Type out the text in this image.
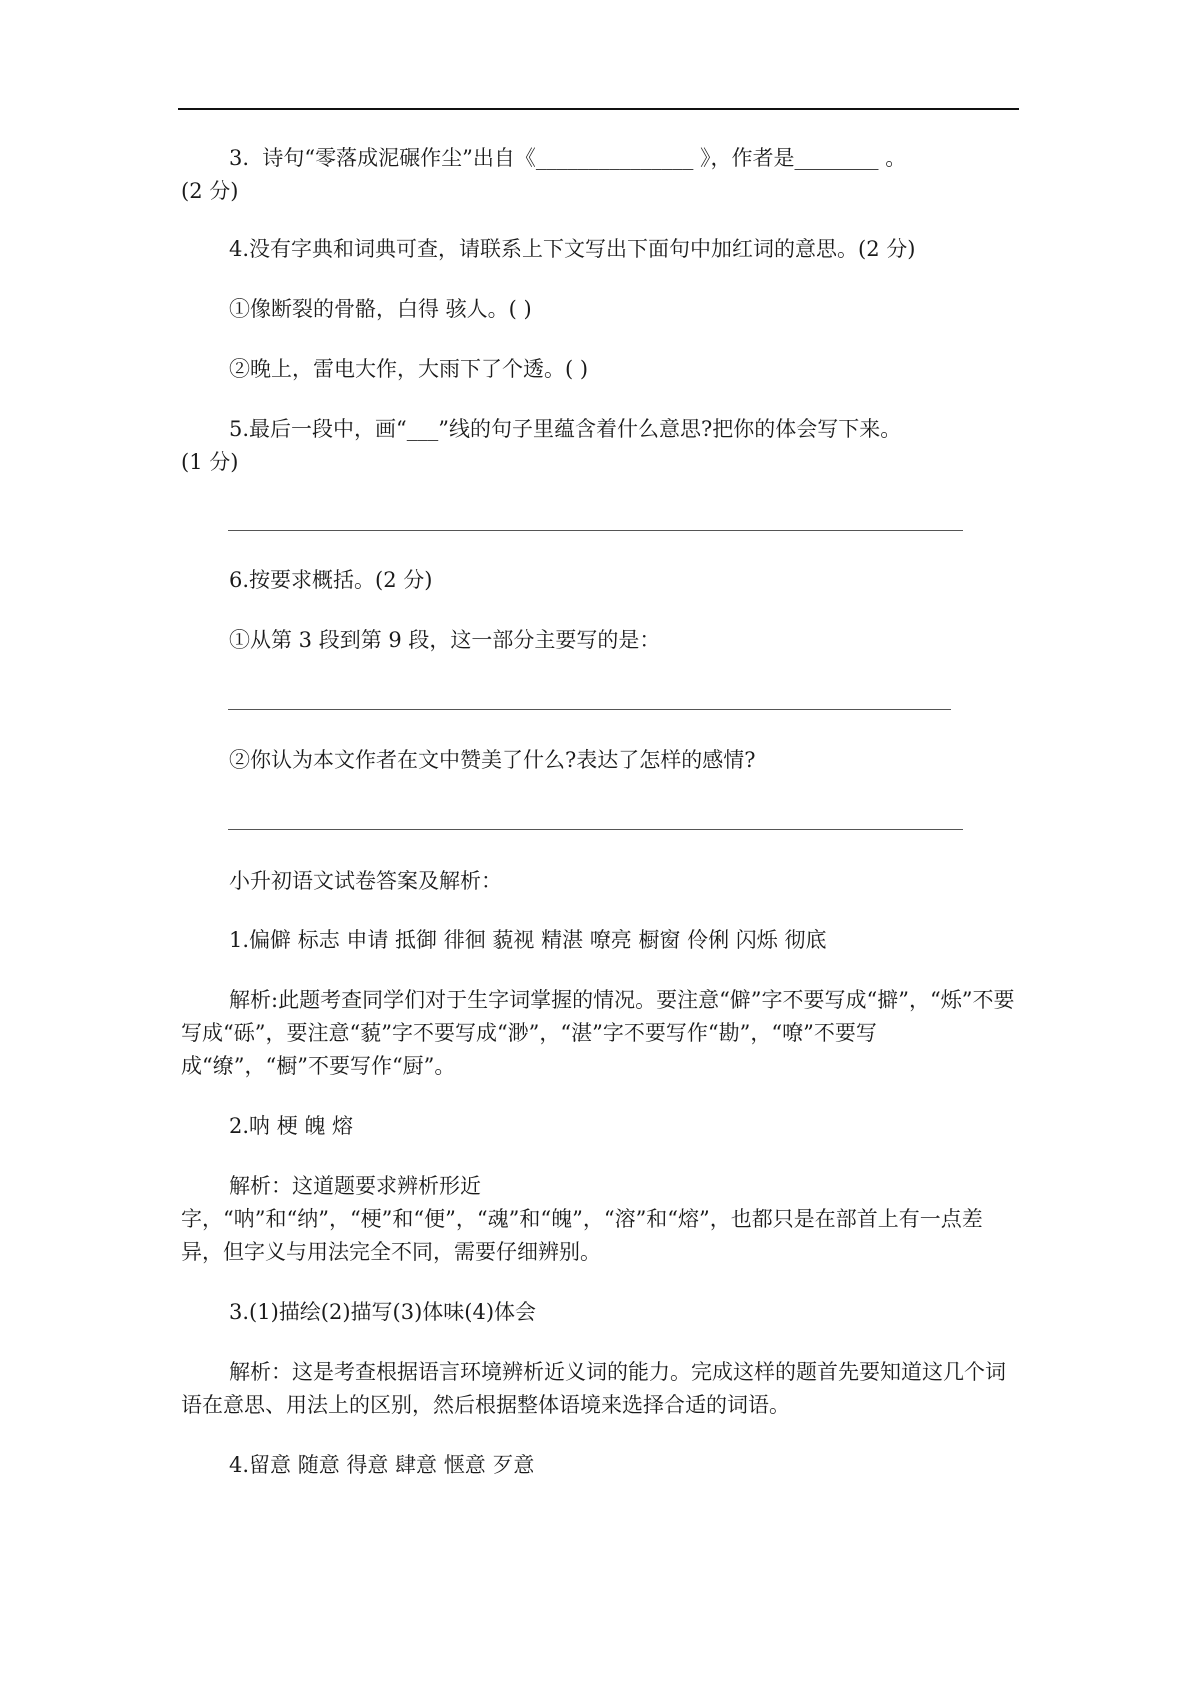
3.  诗句“零落成泥碾作尘”出自《_______________ 》，作者是________ 。

(2 分)

4.没有字典和词典可查，请联系上下文写出下面句中加红词的意思。(2 分)

①像断裂的骨骼，白得 骇人。( )

②晚上，雷电大作，大雨下了个透。( )

5.最后一段中，画“___”线的句子里蕴含着什么意思?把你的体会写下来。

(1 分)

6.按要求概括。(2 分)

①从第 3 段到第 9 段，这一部分主要写的是：

②你认为本文作者在文中赞美了什么?表达了怎样的感情?

小升初语文试卷答案及解析：

1.偏僻 标志 申请 抵御 徘徊 藐视 精湛 嘹亮 橱窗 伶俐 闪烁 彻底

解析:此题考查同学们对于生字词掌握的情况。要注意“僻”字不要写成“擗”，“烁”不要写成“砾”，要注意“藐”字不要写成“渺”，“湛”字不要写作“勘”，“嘹”不要写成“缭”，“橱”不要写作“厨”。

2.呐 梗 魄 熔

解析：这道题要求辨析形近字，“呐”和“纳”，“梗”和“便”，“魂”和“魄”，“溶”和“熔”，也都只是在部首上有一点差异，但字义与用法完全不同，需要仔细辨别。

3.(1)描绘(2)描写(3)体味(4)体会

解析：这是考查根据语言环境辨析近义词的能力。完成这样的题首先要知道这几个词语在意思、用法上的区别，然后根据整体语境来选择合适的词语。

4.留意 随意 得意 肆意 惬意 歹意
